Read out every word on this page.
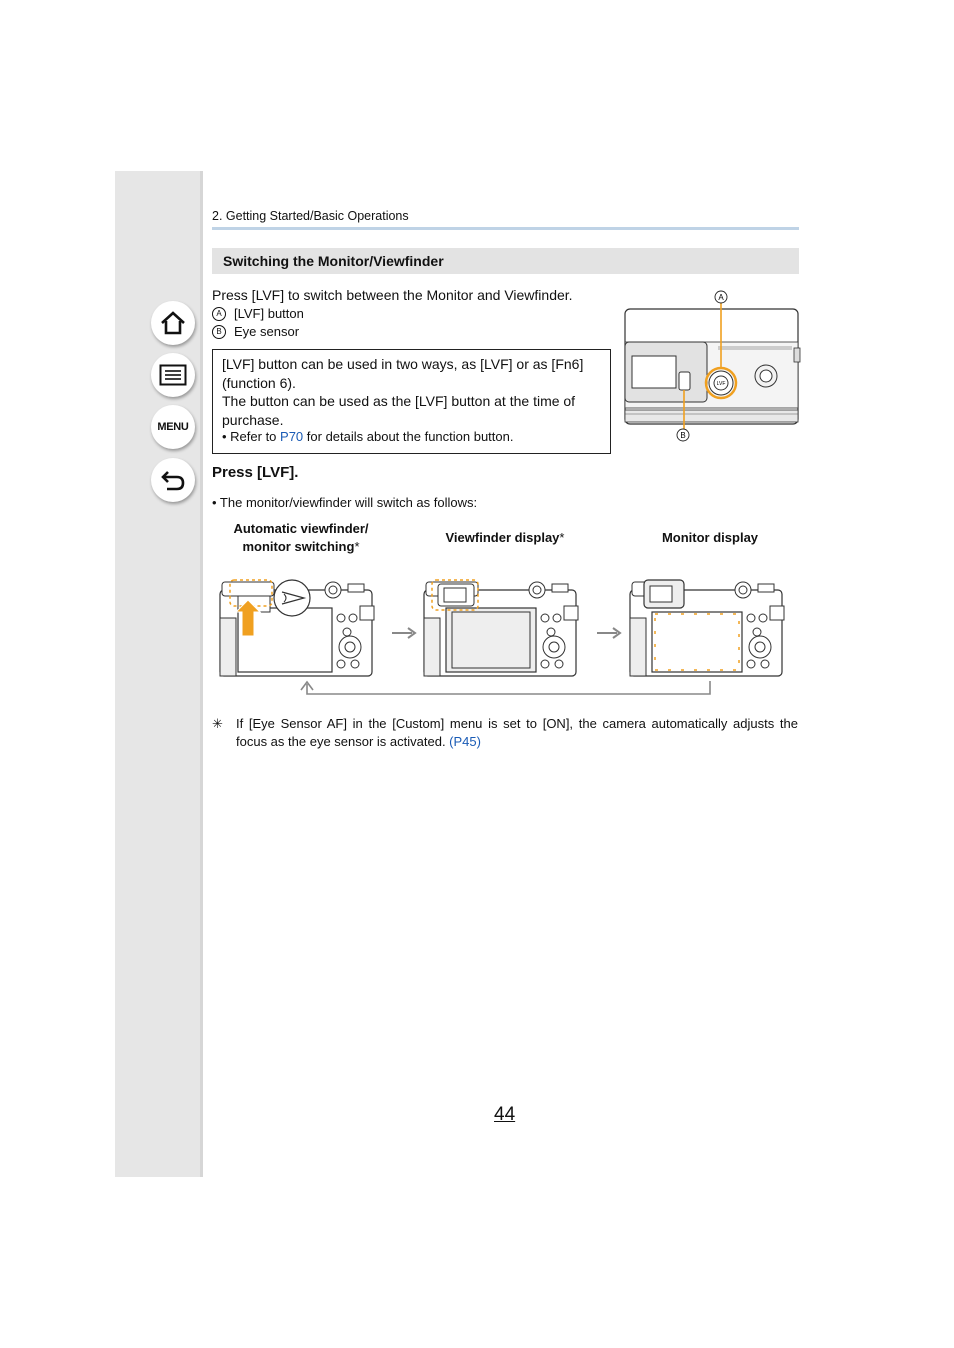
MENU
2. Getting Started/Basic Operations
Switching the Monitor/Viewfinder
Press [LVF] to switch between the Monitor and Viewfinder.
A [LVF] button
B Eye sensor
LVF
A
B
[LVF] button can be used in two ways, as [LVF] or as [Fn6] (function 6).
The button can be used as the [LVF] button at the time of purchase.
• Refer to P70 for details about the function button.
Press [LVF].
• The monitor/viewfinder will switch as follows:
Automatic viewfinder/
monitor switching*
Viewfinder display*	Monitor display
✳ If [Eye Sensor AF] in the [Custom] menu is set to [ON], the camera automatically adjusts the focus as the eye sensor is activated. (P45)
44
